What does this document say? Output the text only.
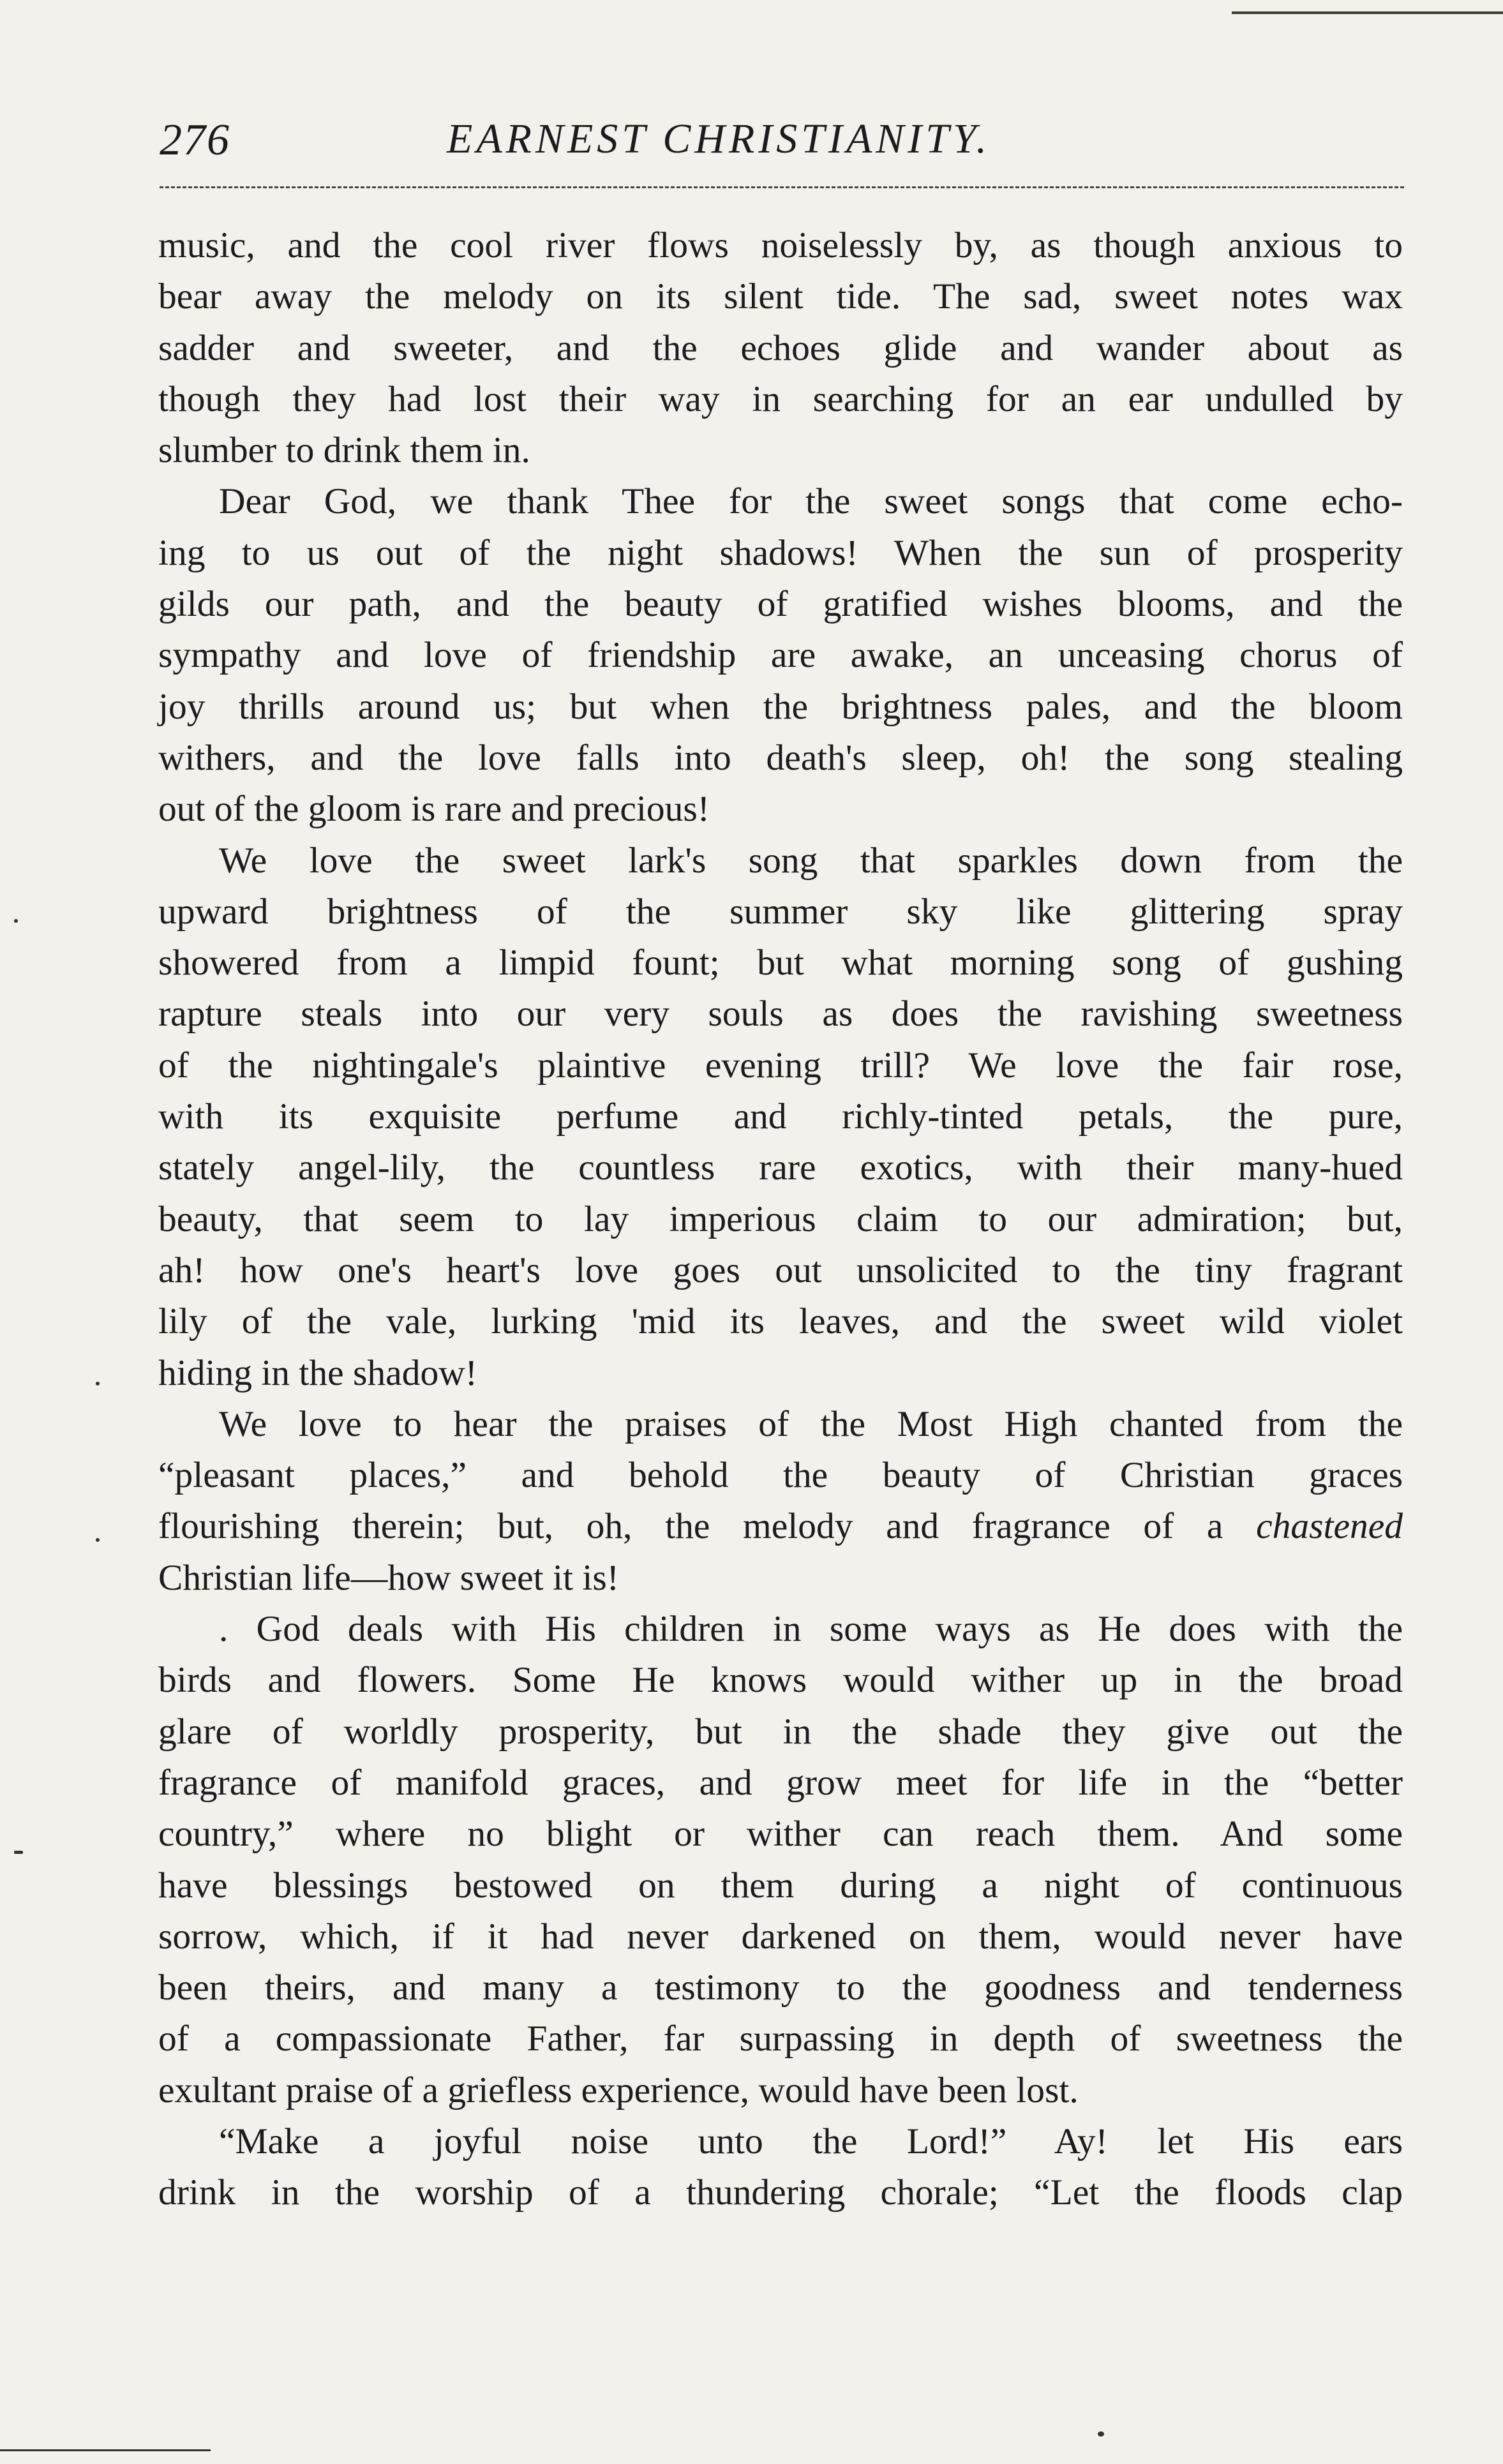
276	EARNEST CHRISTIANITY.

music, and the cool river flows noiselessly by, as though anxious to
bear away the melody on its silent tide. The sad, sweet notes wax
sadder and sweeter, and the echoes glide and wander about as
though they had lost their way in searching for an ear undulled by
slumber to drink them in.

Dear God, we thank Thee for the sweet songs that come echo-
ing to us out of the night shadows! When the sun of prosperity
gilds our path, and the beauty of gratified wishes blooms, and the
sympathy and love of friendship are awake, an unceasing chorus of
joy thrills around us; but when the brightness pales, and the bloom
withers, and the love falls into death's sleep, oh! the song stealing
out of the gloom is rare and precious!

We love the sweet lark's song that sparkles down from the
upward brightness of the summer sky like glittering spray
showered from a limpid fount; but what morning song of gushing
rapture steals into our very souls as does the ravishing sweetness
of the nightingale's plaintive evening trill? We love the fair rose,
with its exquisite perfume and richly-tinted petals, the pure,
stately angel-lily, the countless rare exotics, with their many-hued
beauty, that seem to lay imperious claim to our admiration; but,
ah! how one's heart's love goes out unsolicited to the tiny fragrant
lily of the vale, lurking 'mid its leaves, and the sweet wild violet
hiding in the shadow!

We love to hear the praises of the Most High chanted from the
“pleasant places,” and behold the beauty of Christian graces
flourishing therein; but, oh, the melody and fragrance of a chastened
Christian life—how sweet it is!

. God deals with His children in some ways as He does with the
birds and flowers. Some He knows would wither up in the broad
glare of worldly prosperity, but in the shade they give out the
fragrance of manifold graces, and grow meet for life in the “better
country,” where no blight or wither can reach them. And some
have blessings bestowed on them during a night of continuous
sorrow, which, if it had never darkened on them, would never have
been theirs, and many a testimony to the goodness and tenderness
of a compassionate Father, far surpassing in depth of sweetness the
exultant praise of a griefless experience, would have been lost.

“Make a joyful noise unto the Lord!” Ay! let His ears
drink in the worship of a thundering chorale; “Let the floods clap
